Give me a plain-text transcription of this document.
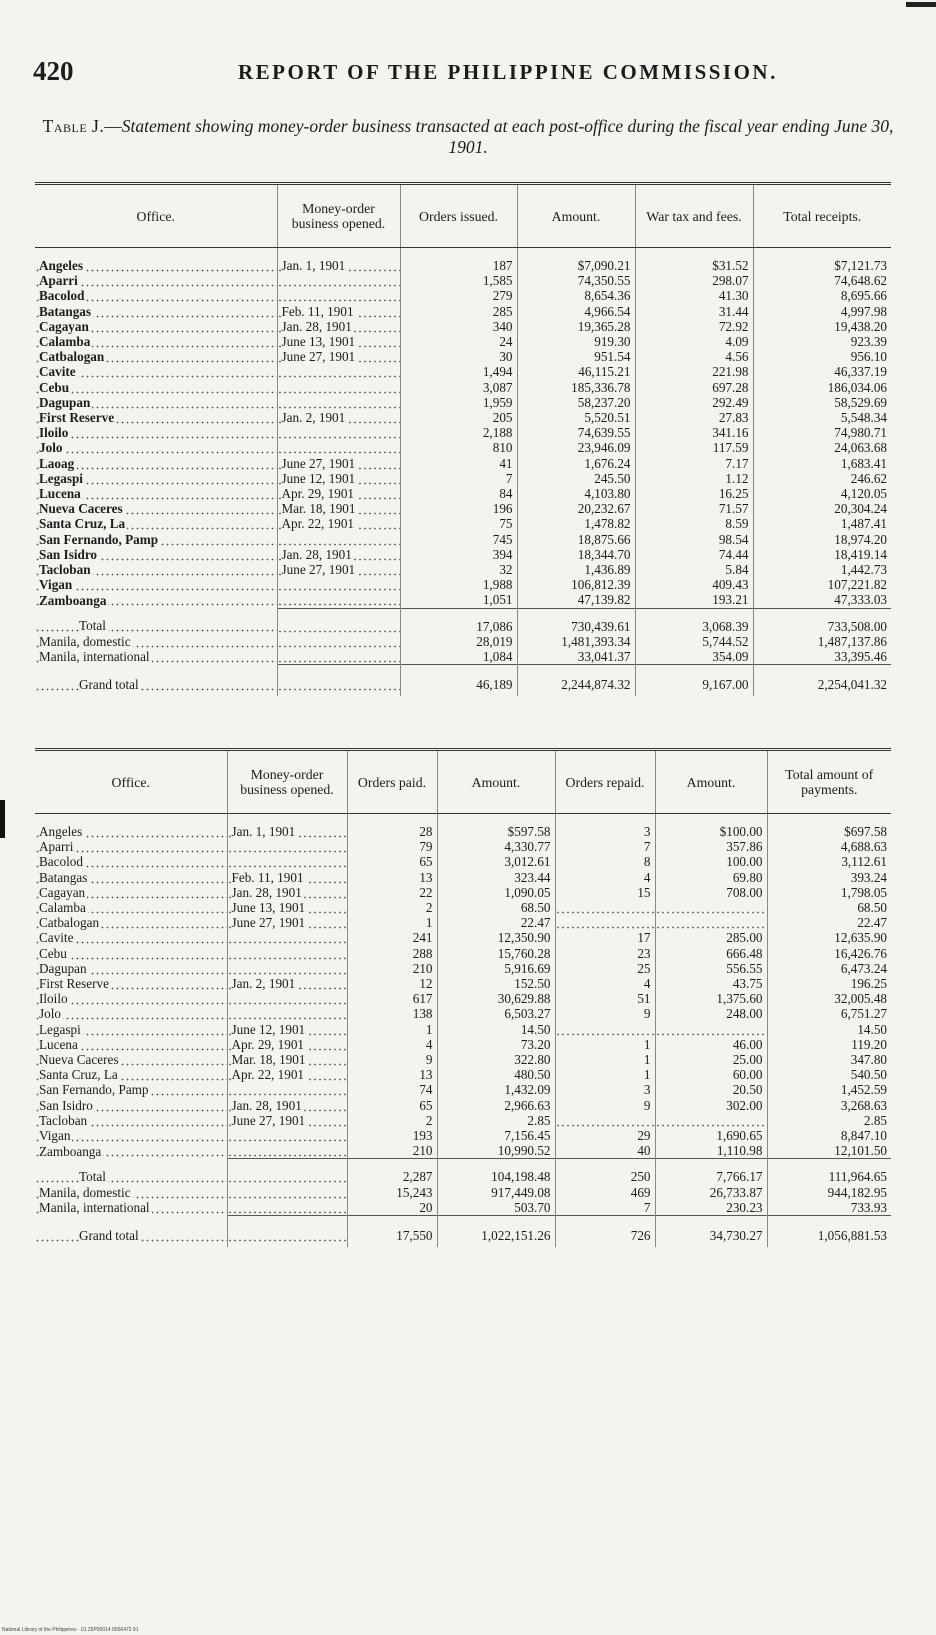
420	REPORT OF THE PHILIPPINE COMMISSION.
Table J.—Statement showing money-order business transacted at each post-office during the fiscal year ending June 30, 1901.
Office.	Money-order business opened.	Orders issued.	Amount.	War tax and fees.	Total receipts.
Angeles	Jan. 1, 1901	187	$7,090.21	$31.52	$7,121.73
Aparri		1,585	74,350.55	298.07	74,648.62
Bacolod		279	8,654.36	41.30	8,695.66
Batangas	Feb. 11, 1901	285	4,966.54	31.44	4,997.98
Cagayan	Jan. 28, 1901	340	19,365.28	72.92	19,438.20
Calamba	June 13, 1901	24	919.30	4.09	923.39
Catbalogan	June 27, 1901	30	951.54	4.56	956.10
Cavite		1,494	46,115.21	221.98	46,337.19
Cebu		3,087	185,336.78	697.28	186,034.06
Dagupan		1,959	58,237.20	292.49	58,529.69
First Reserve	Jan. 2, 1901	205	5,520.51	27.83	5,548.34
Iloilo		2,188	74,639.55	341.16	74,980.71
Jolo		810	23,946.09	117.59	24,063.68
Laoag	June 27, 1901	41	1,676.24	7.17	1,683.41
Legaspi	June 12, 1901	7	245.50	1.12	246.62
Lucena	Apr. 29, 1901	84	4,103.80	16.25	4,120.05
Nueva Caceres	Mar. 18, 1901	196	20,232.67	71.57	20,304.24
Santa Cruz, La	Apr. 22, 1901	75	1,478.82	8.59	1,487.41
San Fernando, Pamp		745	18,875.66	98.54	18,974.20
San Isidro	Jan. 28, 1901	394	18,344.70	74.44	18,419.14
Tacloban	June 27, 1901	32	1,436.89	5.84	1,442.73
Vigan		1,988	106,812.39	409.43	107,221.82
Zamboanga		1,051	47,139.82	193.21	47,333.03
Total		17,086	730,439.61	3,068.39	733,508.00
Manila, domestic		28,019	1,481,393.34	5,744.52	1,487,137.86
Manila, international		1,084	33,041.37	354.09	33,395.46
Grand total		46,189	2,244,874.32	9,167.00	2,254,041.32
Office.	Money-order business opened.	Orders paid.	Amount.	Orders repaid.	Amount.	Total amount of payments.
Angeles	Jan. 1, 1901	28	$597.58	3	$100.00	$697.58
Aparri		79	4,330.77	7	357.86	4,688.63
Bacolod		65	3,012.61	8	100.00	3,112.61
Batangas	Feb. 11, 1901	13	323.44	4	69.80	393.24
Cagayan	Jan. 28, 1901	22	1,090.05	15	708.00	1,798.05
Calamba	June 13, 1901	2	68.50			68.50
Catbalogan	June 27, 1901	1	22.47			22.47
Cavite		241	12,350.90	17	285.00	12,635.90
Cebu		288	15,760.28	23	666.48	16,426.76
Dagupan		210	5,916.69	25	556.55	6,473.24
First Reserve	Jan. 2, 1901	12	152.50	4	43.75	196.25
Iloilo		617	30,629.88	51	1,375.60	32,005.48
Jolo		138	6,503.27	9	248.00	6,751.27
Legaspi	June 12, 1901	1	14.50			14.50
Lucena	Apr. 29, 1901	4	73.20	1	46.00	119.20
Nueva Caceres	Mar. 18, 1901	9	322.80	1	25.00	347.80
Santa Cruz, La	Apr. 22, 1901	13	480.50	1	60.00	540.50
San Fernando, Pamp		74	1,432.09	3	20.50	1,452.59
San Isidro	Jan. 28, 1901	65	2,966.63	9	302.00	3,268.63
Tacloban	June 27, 1901	2	2.85			2.85
Vigan		193	7,156.45	29	1,690.65	8,847.10
Zamboanga		210	10,990.52	40	1,110.98	12,101.50
Total		2,287	104,198.48	250	7,766.17	111,964.65
Manila, domestic		15,243	917,449.08	469	26,733.87	944,182.95
Manila, international		20	503.70	7	230.23	733.93
Grand total		17,550	1,022,151.26	726	34,730.27	1,056,881.53
National Library of the Philippines · 01 25P00014 6556472 91
